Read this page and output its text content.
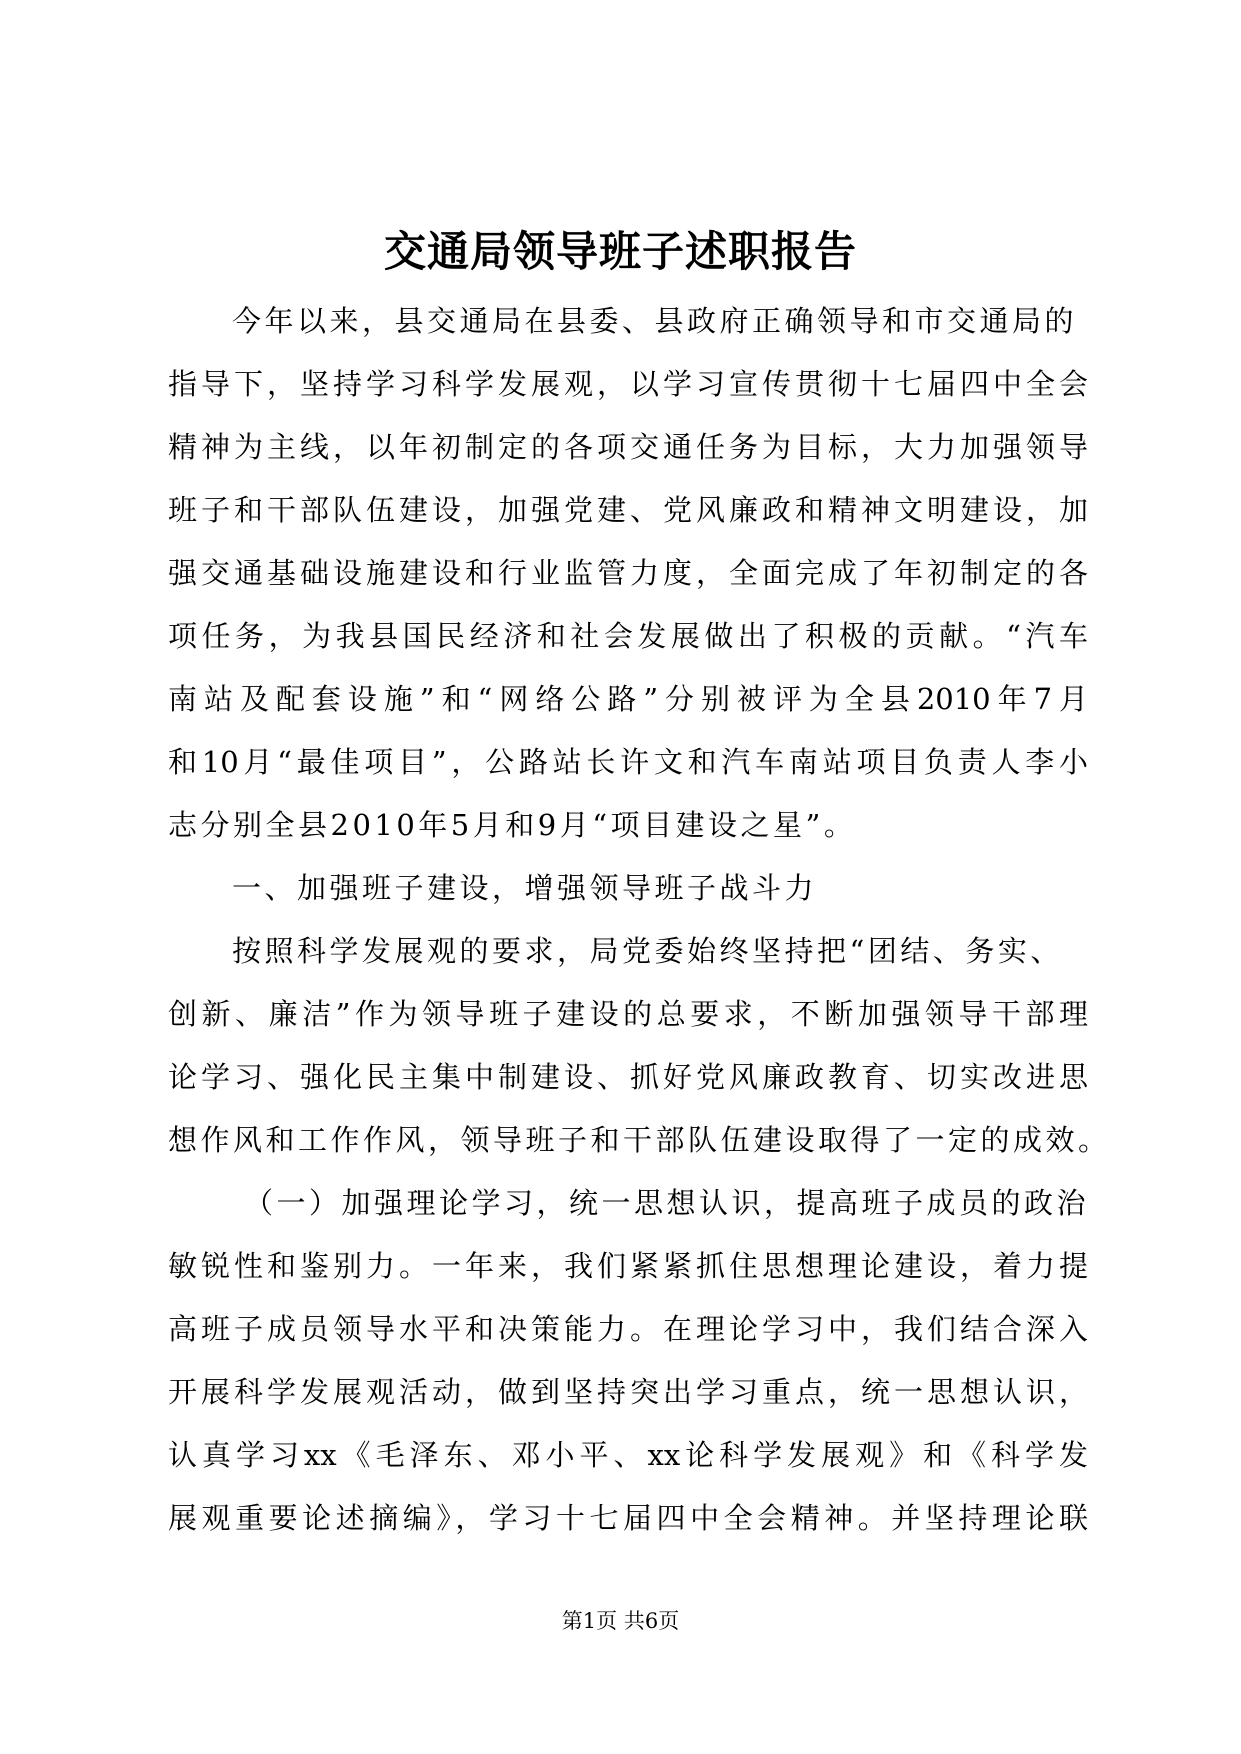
交通局领导班子述职报告

今年以来，县交通局在县委、县政府正确领导和市交通局的

指导下，坚持学习科学发展观，以学习宣传贯彻十七届四中全会

精神为主线，以年初制定的各项交通任务为目标，大力加强领导

班子和干部队伍建设，加强党建、党风廉政和精神文明建设，加

强交通基础设施建设和行业监管力度，全面完成了年初制定的各

项任务，为我县国民经济和社会发展做出了积极的贡献。“汽车

南站及配套设施”和“网络公路”分别被评为全县2010年7月

和10月“最佳项目”，公路站长许文和汽车南站项目负责人李小

志分别全县2010年5月和9月“项目建设之星”。

一、加强班子建设，增强领导班子战斗力

按照科学发展观的要求，局党委始终坚持把“团结、务实、

创新、廉洁”作为领导班子建设的总要求，不断加强领导干部理

论学习、强化民主集中制建设、抓好党风廉政教育、切实改进思

想作风和工作作风，领导班子和干部队伍建设取得了一定的成效。

（一）加强理论学习，统一思想认识，提高班子成员的政治

敏锐性和鉴别力。一年来，我们紧紧抓住思想理论建设，着力提

高班子成员领导水平和决策能力。在理论学习中，我们结合深入

开展科学发展观活动，做到坚持突出学习重点，统一思想认识，

认真学习xx《毛泽东、邓小平、xx论科学发展观》和《科学发

展观重要论述摘编》，学习十七届四中全会精神。并坚持理论联

第1页 共6页
